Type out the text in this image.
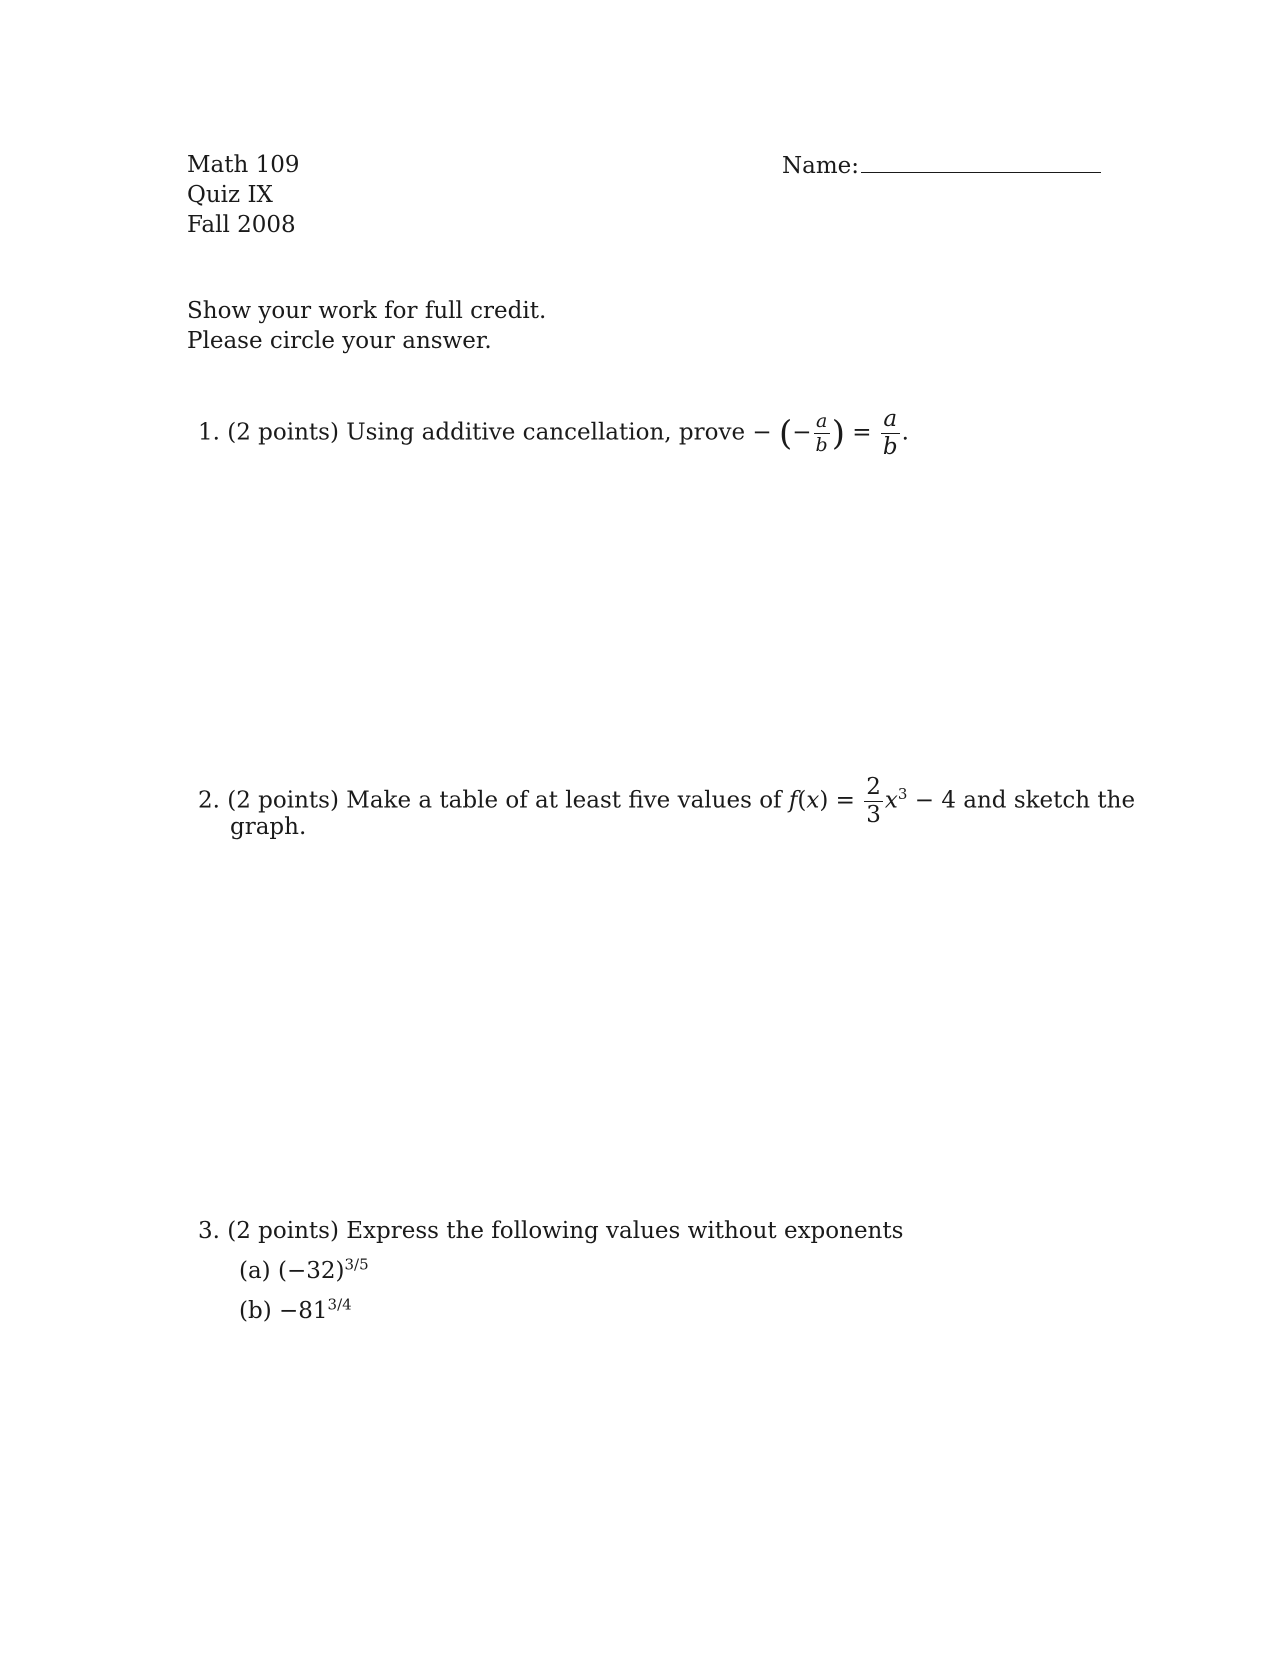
Math 109
Quiz IX
Fall 2008
Name:
Show your work for full credit.
Please circle your answer.
1. (2 points) Using additive cancellation, prove − (− $\frac{a}{b}$ ) = $\frac{a}{b}$ .
2. (2 points) Make a table of at least five values of $f(x) = \frac{2}{3} x^3 - 4$ and sketch the
graph.
3. (2 points) Express the following values without exponents
(a) $(-32)^{3/5}$
$(b) -81^{3/4}$
